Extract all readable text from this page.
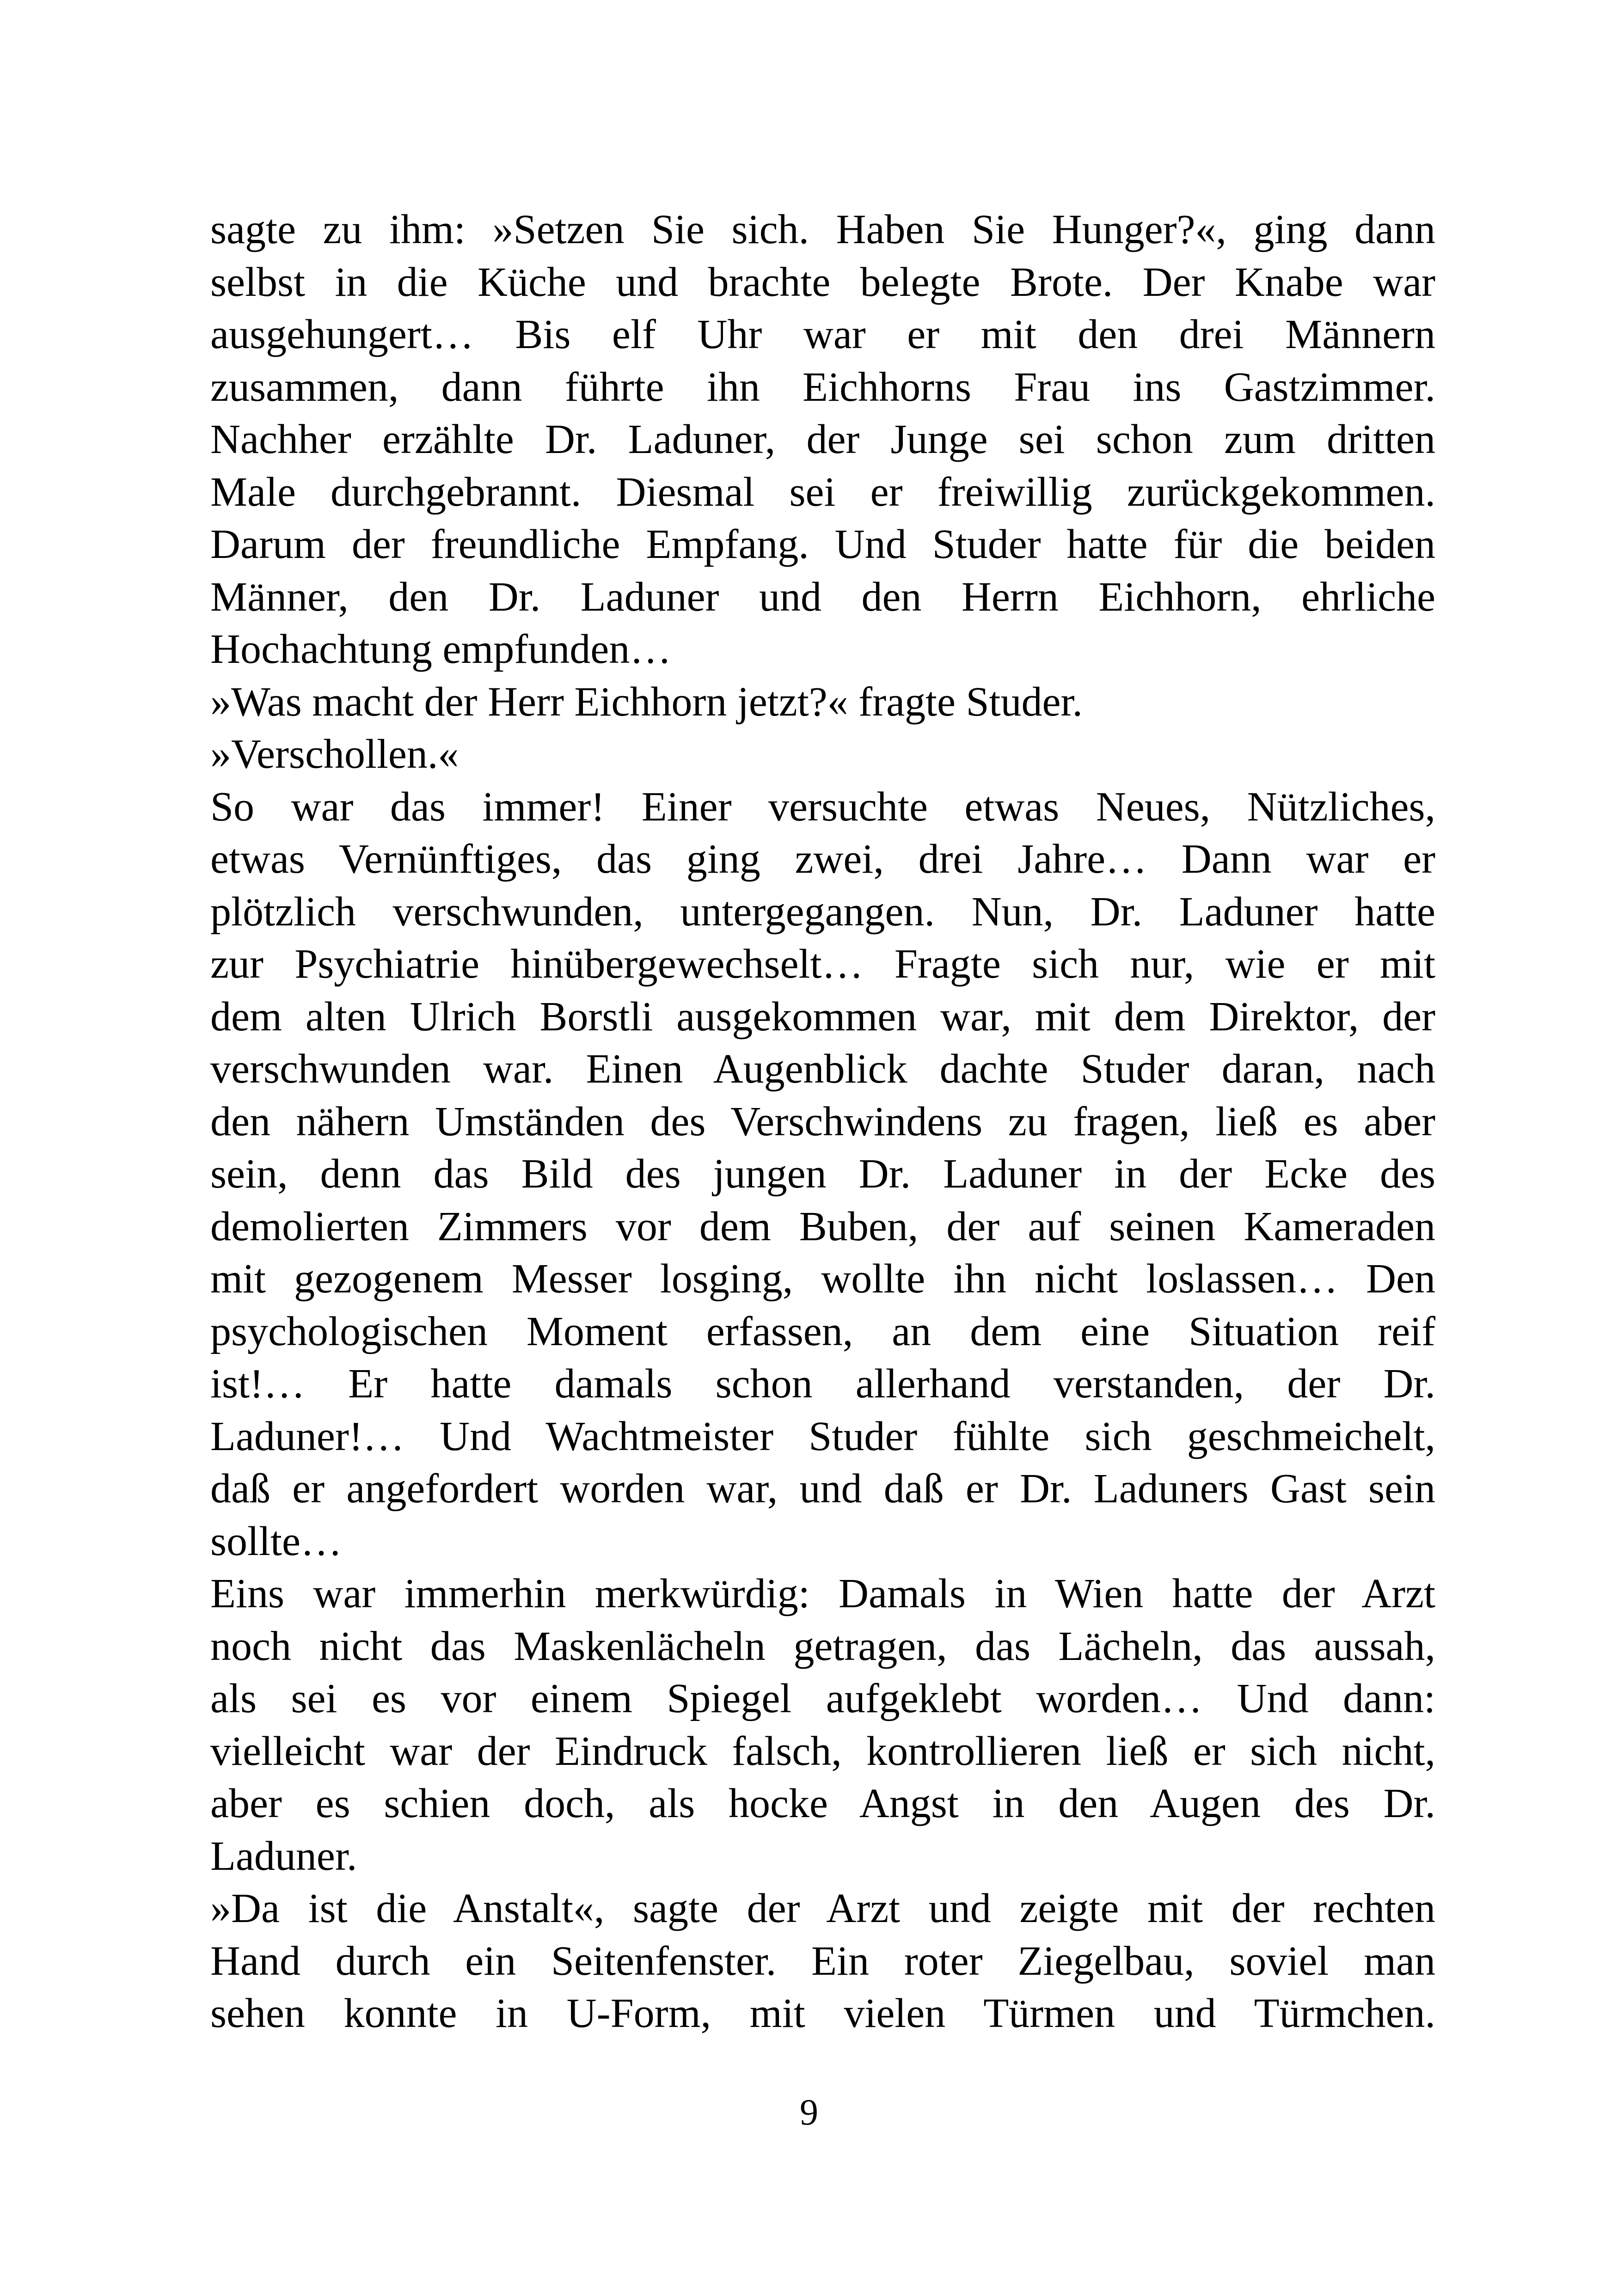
sagte zu ihm: »Setzen Sie sich. Haben Sie Hunger?«, ging dann
selbst in die Küche und brachte belegte Brote. Der Knabe war
ausgehungert… Bis elf Uhr war er mit den drei Männern
zusammen, dann führte ihn Eichhorns Frau ins Gastzimmer.
Nachher erzählte Dr. Laduner, der Junge sei schon zum dritten
Male durchgebrannt. Diesmal sei er freiwillig zurückgekommen.
Darum der freundliche Empfang. Und Studer hatte für die beiden
Männer, den Dr. Laduner und den Herrn Eichhorn, ehrliche
Hochachtung empfunden…
»Was macht der Herr Eichhorn jetzt?« fragte Studer.
»Verschollen.«
So war das immer! Einer versuchte etwas Neues, Nützliches,
etwas Vernünftiges, das ging zwei, drei Jahre… Dann war er
plötzlich verschwunden, untergegangen. Nun, Dr. Laduner hatte
zur Psychiatrie hinübergewechselt… Fragte sich nur, wie er mit
dem alten Ulrich Borstli ausgekommen war, mit dem Direktor, der
verschwunden war. Einen Augenblick dachte Studer daran, nach
den nähern Umständen des Verschwindens zu fragen, ließ es aber
sein, denn das Bild des jungen Dr. Laduner in der Ecke des
demolierten Zimmers vor dem Buben, der auf seinen Kameraden
mit gezogenem Messer losging, wollte ihn nicht loslassen… Den
psychologischen Moment erfassen, an dem eine Situation reif
ist!… Er hatte damals schon allerhand verstanden, der Dr.
Laduner!… Und Wachtmeister Studer fühlte sich geschmeichelt,
daß er angefordert worden war, und daß er Dr. Laduners Gast sein
sollte…
Eins war immerhin merkwürdig: Damals in Wien hatte der Arzt
noch nicht das Maskenlächeln getragen, das Lächeln, das aussah,
als sei es vor einem Spiegel aufgeklebt worden… Und dann:
vielleicht war der Eindruck falsch, kontrollieren ließ er sich nicht,
aber es schien doch, als hocke Angst in den Augen des Dr.
Laduner.
»Da ist die Anstalt«, sagte der Arzt und zeigte mit der rechten
Hand durch ein Seitenfenster. Ein roter Ziegelbau, soviel man
sehen konnte in U-Form, mit vielen Türmen und Türmchen.
9
